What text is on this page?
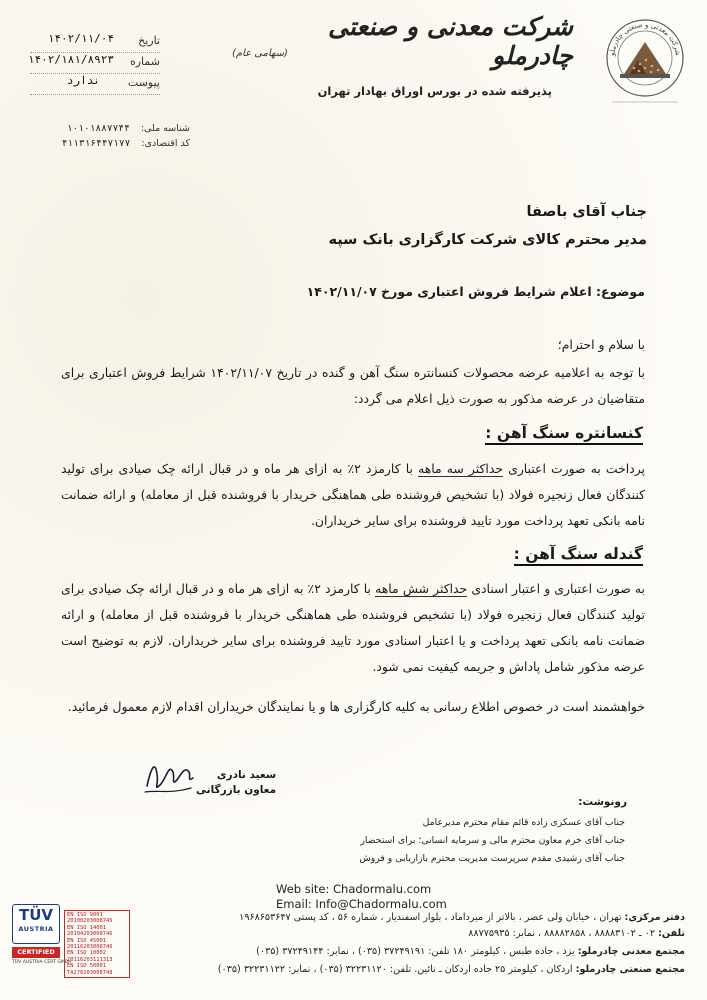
شرکت معدنی و صنعتی چادرملو
شرکت معدنی و صنعتی چادرملو
(سهامی عام)
پذیرفته شده در بورس اوراق بهادار تهران
تاریخ
۱۴۰۲/۱۱/۰۴
شماره
۱۴۰۲/۱۸۱/۸۹۲۳
پیوست
ندارد
شناسه ملی: ۱۰۱۰۱۸۸۷۷۴۴
کد اقتصادی: ۴۱۱۳۱۶۴۴۷۱۷۷
جناب آقای باصفا
مدیر محترم کالای شرکت کارگزاری بانک سپه
موضوع: اعلام شرایط فروش اعتباری مورخ ۱۴۰۲/۱۱/۰۷
با سلام و احترام؛
با توجه به اعلامیه عرضه محصولات کنسانتره سنگ آهن و گنده در تاریخ ۱۴۰۲/۱۱/۰۷ شرایط فروش اعتباری برای متقاضیان در عرضه مذکور به صورت ذیل اعلام می گردد:
کنسانتره سنگ آهن :
پرداخت به صورت اعتباری حداکثر سه ماهه با کارمزد ۲٪ به ازای هر ماه و در قبال ارائه چک صیادی برای تولید کنندگان فعال زنجیره فولاد (با تشخیص فروشنده طی هماهنگی خریدار با فروشنده قبل از معامله) و ارائه ضمانت نامه بانکی تعهد پرداخت مورد تایید فروشنده برای سایر خریداران.
گندله سنگ آهن :
به صورت اعتباری و اعتبار اسنادی حداکثر شش ماهه با کارمزد ۲٪ به ازای هر ماه و در قبال ارائه چک صیادی برای تولید کنندگان فعال زنجیره فولاد (با تشخیص فروشنده طی هماهنگی خریدار با فروشنده قبل از معامله) و ارائه ضمانت نامه بانکی تعهد پرداخت و یا اعتبار اسنادی مورد تایید فروشنده برای سایر خریداران. لازم به توضیح است عرضه مذکور شامل پاداش و جریمه کیفیت نمی شود.
خواهشمند است در خصوص اطلاع رسانی به کلیه کارگزاری ها و یا نمایندگان خریداران اقدام لازم معمول فرمائید.
سعید نادری
معاون بازرگانی
رونوشت:
جناب آقای عسکری زاده قائم مقام محترم مدیرعامل
جناب آقای خرم معاون محترم مالی و سرمایه انسانی؛ برای استحضار
جناب آقای رشیدی مقدم سرپرست مدیریت محترم بازاریابی و فروش
Web site: Chadormalu.com
Email: Info@Chadormalu.com
دفتر مرکزی: تهران ، خیابان ولی عصر ، بالاتر از میرداماد ، بلوار اسفندیار ، شماره ۵۶ ، کد پستی ۱۹۶۸۶۵۳۶۴۷
تلفن: ۰۲ ـ ۸۸۸۸۳۱۰۲ ، ۸۸۸۸۲۸۵۸ ، نمابر: ۸۸۷۷۵۹۳۵
مجتمع معدنی چادرملو: یزد ، جاده طبس ، کیلومتر ۱۸۰ تلفن: ۳۷۲۴۹۱۹۱ (۰۳۵) ، نمابر: ۳۷۲۴۹۱۴۴ (۰۳۵)
مجتمع صنعتی چادرملو: اردکان ، کیلومتر ۲۵ جاده اردکان ـ نائین. تلفن: ۳۲۲۳۱۱۲۰ (۰۳۵) ، نمابر: ۳۲۲۳۱۱۲۲ (۰۳۵)
TÜV
AUSTRIA
CERTIFIED
TÜV AUSTRIA CERT GMBH
EN ISO 9001
20100203008745
EN ISO 14001
20104203008746
EN ISO 45001
20116203008746
EN ISO 10002
20116203111313
EN ISO 50001
TA270203008748
